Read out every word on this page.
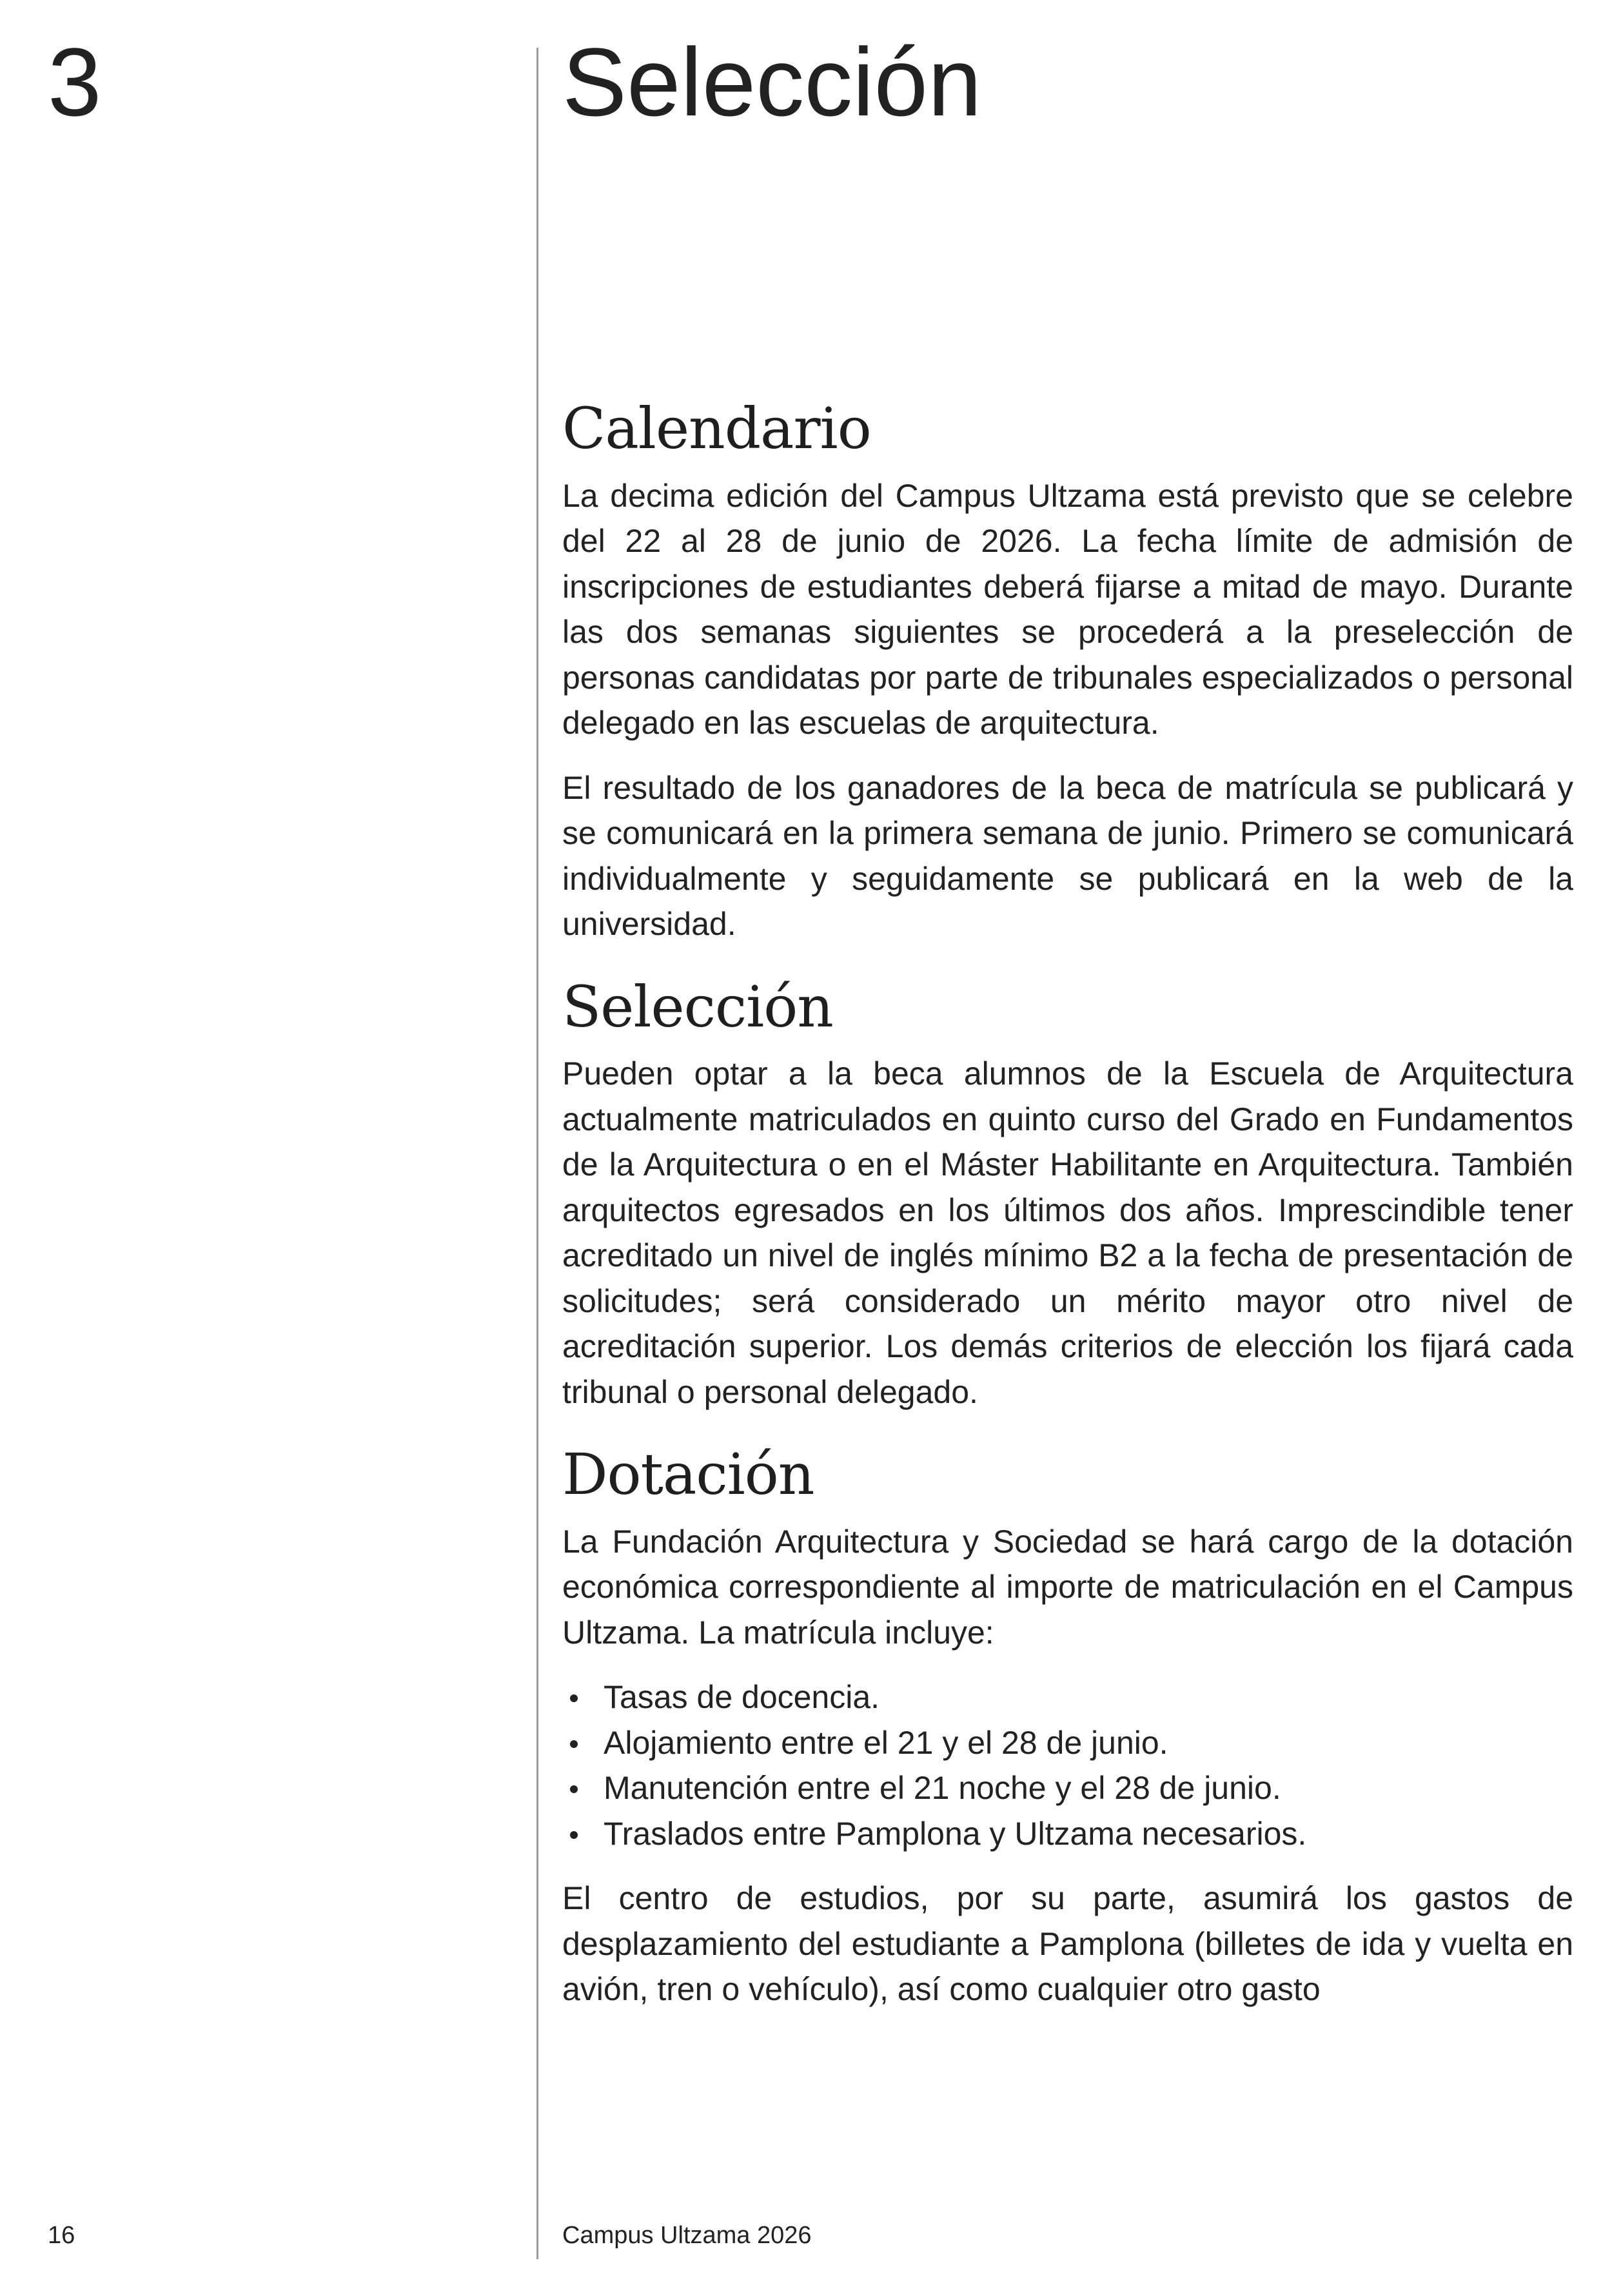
3	Selección
Calendario

La decima edición del Campus Ultzama está previsto que se celebre del 22 al 28 de junio de 2026. La fecha límite de admisión de inscripciones de estudiantes deberá fijarse a mitad de mayo. Durante las dos semanas siguientes se procederá a la preselección de personas candidatas por parte de tribunales especializados o personal delegado en las escuelas de arquitectura.

El resultado de los ganadores de la beca de matrícula se publicará y se comunicará en la primera semana de junio. Primero se comunicará individualmente y seguidamente se publicará en la web de la universidad.

Selección

Pueden optar a la beca alumnos de la Escuela de Arquitectura actualmente matriculados en quinto curso del Grado en Fundamentos de la Arquitectura o en el Máster Habilitante en Arquitectura. También arquitectos egresados en los últimos dos años. Imprescindible tener acreditado un nivel de inglés mínimo B2 a la fecha de presentación de solicitudes; será considerado un mérito mayor otro nivel de acreditación superior. Los demás criterios de elección los fijará cada tribunal o personal delegado.

Dotación

La Fundación Arquitectura y Sociedad se hará cargo de la dotación económica correspondiente al importe de matriculación en el Campus Ultzama. La matrícula incluye:

Tasas de docencia.
Alojamiento entre el 21 y el 28 de junio.
Manutención entre el 21 noche y el 28 de junio.
Traslados entre Pamplona y Ultzama necesarios.

El centro de estudios, por su parte, asumirá los gastos de desplazamiento del estudiante a Pamplona (billetes de ida y vuelta en avión, tren o vehículo), así como cualquier otro gasto

16	Campus Ultzama 2026
